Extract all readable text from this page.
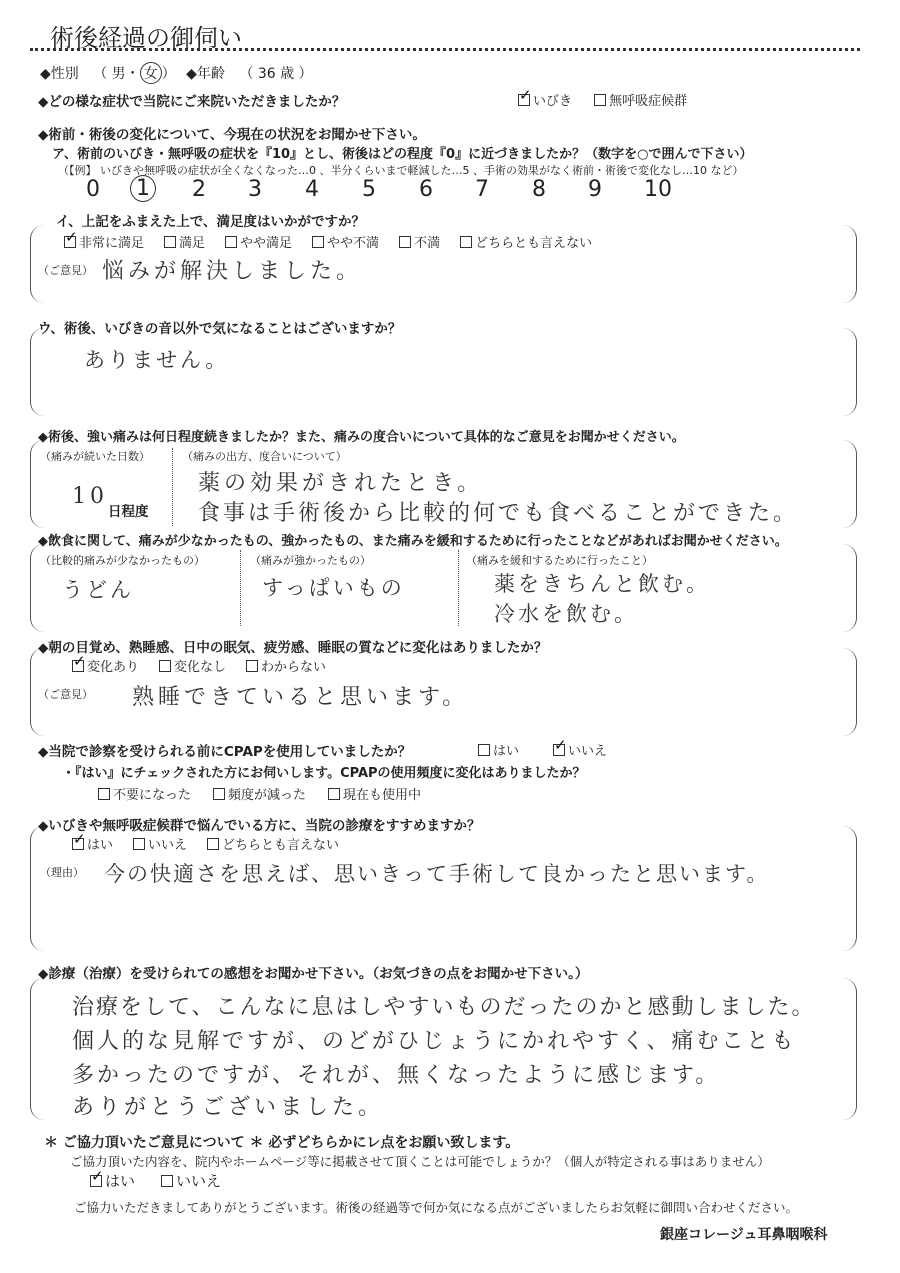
術後経過の御伺い
◆性別 （ 男・ 女 ） ◆年齢 （ 36 歳 ）
◆どの様な症状で当院にご来院いただきましたか？ ✓	いびき	無呼吸症候群
◆術前・術後の変化について、今現在の状況をお聞かせ下さい。
ア、術前のいびき・無呼吸の症状を『10』とし、術後はどの程度『0』に近づきましたか？（数字を○で囲んで下さい）
（【例】 いびきや無呼吸の症状が全くなくなった…0 、半分くらいまで軽減した…5 、手術の効果がなく術前・術後で変化なし…10 など）
0 1 2 3 4 5 6 7 8 9 10
イ、上記をふまえた上で、満足度はいかがですか？
✓非常に満足	満足	やや満足	やや不満	不満	どちらとも言えない
（ご意見） 悩みが解決しました。
ウ、術後、いびきの音以外で気になることはございますか？
ありません。
◆術後、強い痛みは何日程度続きましたか？また、痛みの度合いについて具体的なご意見をお聞かせください。
（痛みが続いた日数）	（痛みの出方、度合いについて）
10
日程度
薬の効果がきれたとき。
食事は手術後から比較的何でも食べることができた。
◆飲食に関して、痛みが少なかったもの、強かったもの、また痛みを緩和するために行ったことなどがあればお聞かせください。
（比較的痛みが少なかったもの）	（痛みが強かったもの）	（痛みを緩和するために行ったこと）
うどん	すっぱいもの	薬をきちんと飲む。
冷水を飲む。
◆朝の目覚め、熟睡感、日中の眠気、疲労感、睡眠の質などに変化はありましたか？
✓変化あり	変化なし	わからない
（ご意見） 熟睡できていると思います。
◆当院で診察を受けられる前にCPAPを使用していましたか？	はい ✓	いいえ
・『はい』にチェックされた方にお伺いします。CPAPの使用頻度に変化はありましたか？
不要になった	頻度が減った	現在も使用中
◆いびきや無呼吸症候群で悩んでいる方に、当院の診療をすすめますか？
✓はい	いいえ	どちらとも言えない
（理由） 今の快適さを思えば、思いきって手術して良かったと思います。
◆診療（治療）を受けられての感想をお聞かせ下さい。（お気づきの点をお聞かせ下さい。）
治療をして、こんなに息はしやすいものだったのかと感動しました。
個人的な見解ですが、のどがひじょうにかれやすく、痛むことも
多かったのですが、それが、無くなったように感じます。
ありがとうございました。
＊ ご協力頂いたご意見について ＊ 必ずどちらかにレ点をお願い致します。
ご協力頂いた内容を、院内やホームページ等に掲載させて頂くことは可能でしょうか？（個人が特定される事はありません）
✓はい	いいえ
ご協力いただきましてありがとうございます。術後の経過等で何か気になる点がございましたらお気軽に御問い合わせください。
銀座コレージュ耳鼻咽喉科
